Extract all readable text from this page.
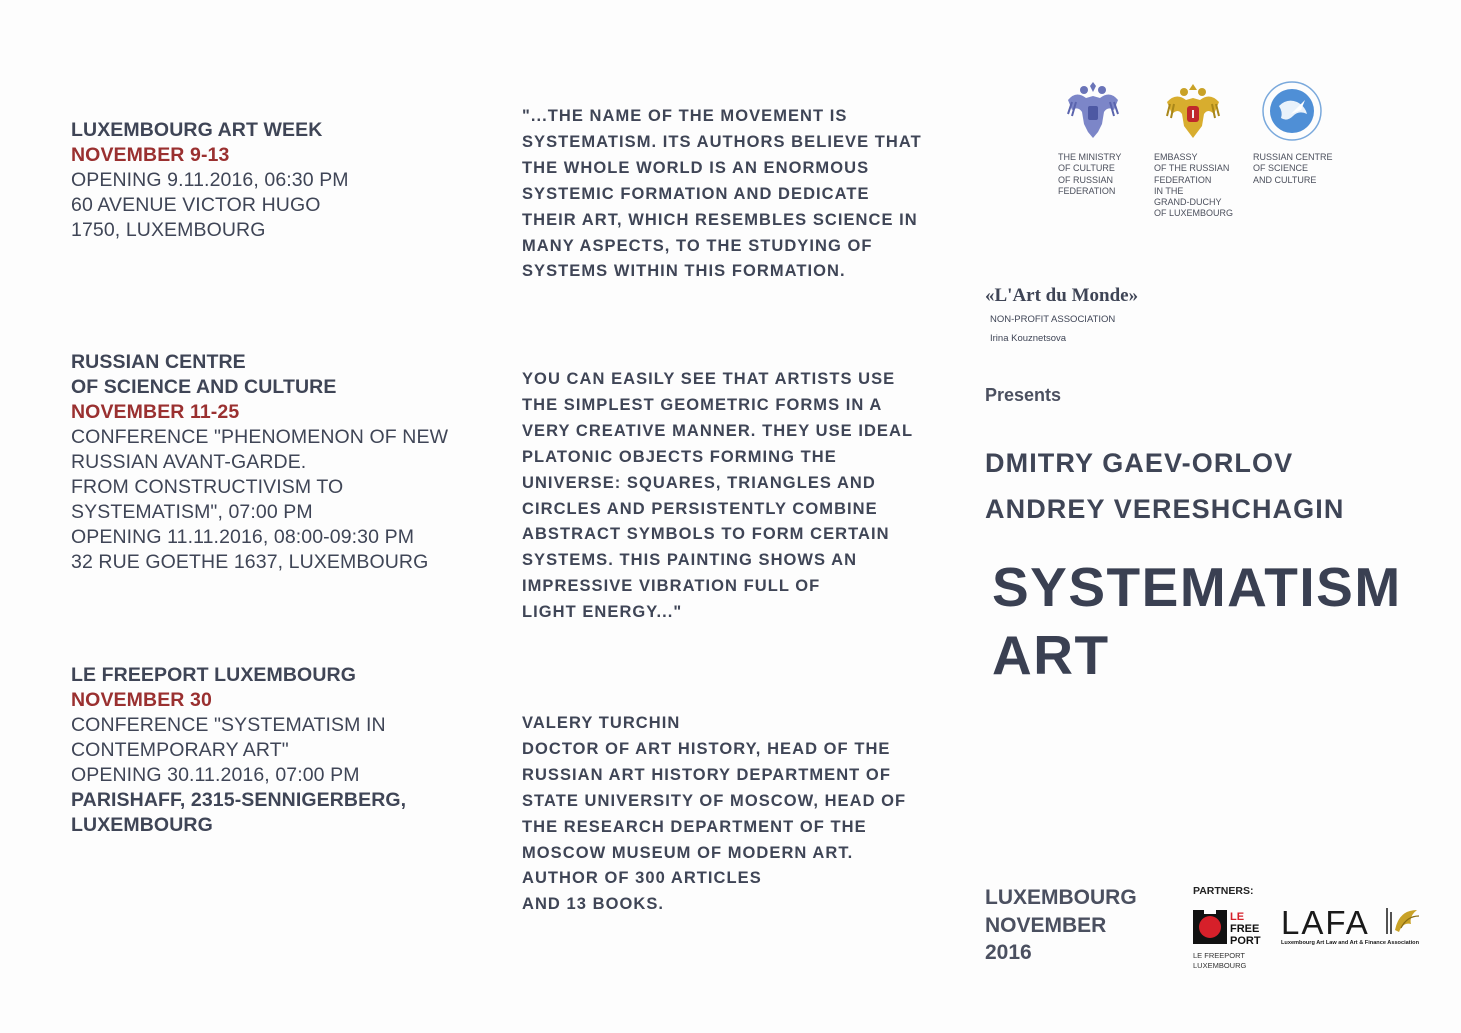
LUXEMBOURG ART WEEK
NOVEMBER 9-13
OPENING 9.11.2016, 06:30 PM
60 AVENUE VICTOR HUGO
1750, LUXEMBOURG
RUSSIAN CENTRE
OF SCIENCE AND CULTURE
NOVEMBER 11-25
CONFERENCE "PHENOMENON OF NEW
RUSSIAN AVANT-GARDE.
FROM CONSTRUCTIVISM TO
SYSTEMATISM", 07:00 PM
OPENING 11.11.2016, 08:00-09:30 PM
32 RUE GOETHE 1637, LUXEMBOURG
LE FREEPORT LUXEMBOURG
NOVEMBER 30
CONFERENCE "SYSTEMATISM IN
CONTEMPORARY ART"
OPENING 30.11.2016, 07:00 PM
PARISHAFF, 2315-SENNIGERBERG,
LUXEMBOURG
"...THE NAME OF THE MOVEMENT IS
SYSTEMATISM. ITS AUTHORS BELIEVE THAT
THE WHOLE WORLD IS AN ENORMOUS
SYSTEMIC FORMATION AND DEDICATE
THEIR ART, WHICH RESEMBLES SCIENCE IN
MANY ASPECTS, TO THE STUDYING OF
SYSTEMS WITHIN THIS FORMATION.
YOU CAN EASILY SEE THAT ARTISTS USE
THE SIMPLEST GEOMETRIC FORMS IN A
VERY CREATIVE MANNER. THEY USE IDEAL
PLATONIC OBJECTS FORMING THE
UNIVERSE: SQUARES, TRIANGLES AND
CIRCLES AND PERSISTENTLY COMBINE
ABSTRACT SYMBOLS TO FORM CERTAIN
SYSTEMS. THIS PAINTING SHOWS AN
IMPRESSIVE VIBRATION FULL OF
LIGHT ENERGY..."
VALERY TURCHIN
DOCTOR OF ART HISTORY, HEAD OF THE
RUSSIAN ART HISTORY DEPARTMENT OF
STATE UNIVERSITY OF MOSCOW, HEAD OF
THE RESEARCH DEPARTMENT OF THE
MOSCOW MUSEUM OF MODERN ART.
AUTHOR OF 300 ARTICLES
AND 13 BOOKS.
THE MINISTRY
OF CULTURE
OF RUSSIAN
FEDERATION
EMBASSY
OF THE RUSSIAN
FEDERATION
IN THE
GRAND-DUCHY
OF LUXEMBOURG
RUSSIAN CENTRE
OF SCIENCE
AND CULTURE
«L'Art du Monde»
NON-PROFIT ASSOCIATION
Irina Kouznetsova
Presents
DMITRY GAEV-ORLOV
ANDREY VERESHCHAGIN
SYSTEMATISM
ART
LUXEMBOURG
NOVEMBER
2016
PARTNERS:
LE
FREE
PORT
LE FREEPORT
LUXEMBOURG
LAFA
Luxembourg Art Law and Art & Finance Association
